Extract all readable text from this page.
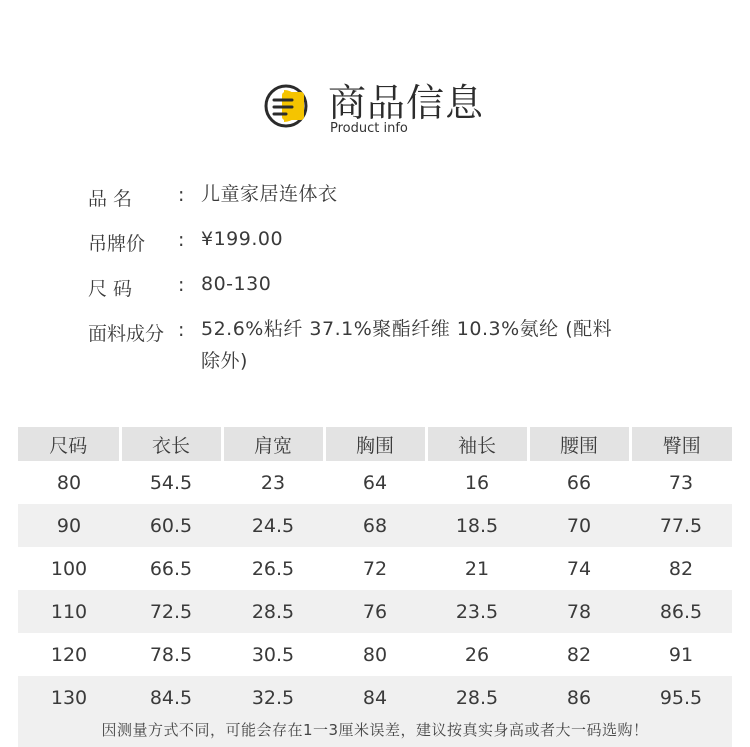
商品信息
Product info
品 名	: 儿童家居连体衣
吊牌价	: ¥199.00
尺 码	: 80-130
面料成分 : 52.6%粘纤 37.1%聚酯纤维 10.3%氨纶 (配料除外)
尺码	衣长	肩宽	胸围	袖长	腰围	臀围
80	54.5	23	64	16	66	73
90	60.5	24.5	68	18.5	70	77.5
100	66.5	26.5	72	21	74	82
110	72.5	28.5	76	23.5	78	86.5
120	78.5	30.5	80	26	82	91
130	84.5	32.5	84	28.5	86	95.5
因测量方式不同，可能会存在1一3厘米误差，建议按真实身高或者大一码选购！
